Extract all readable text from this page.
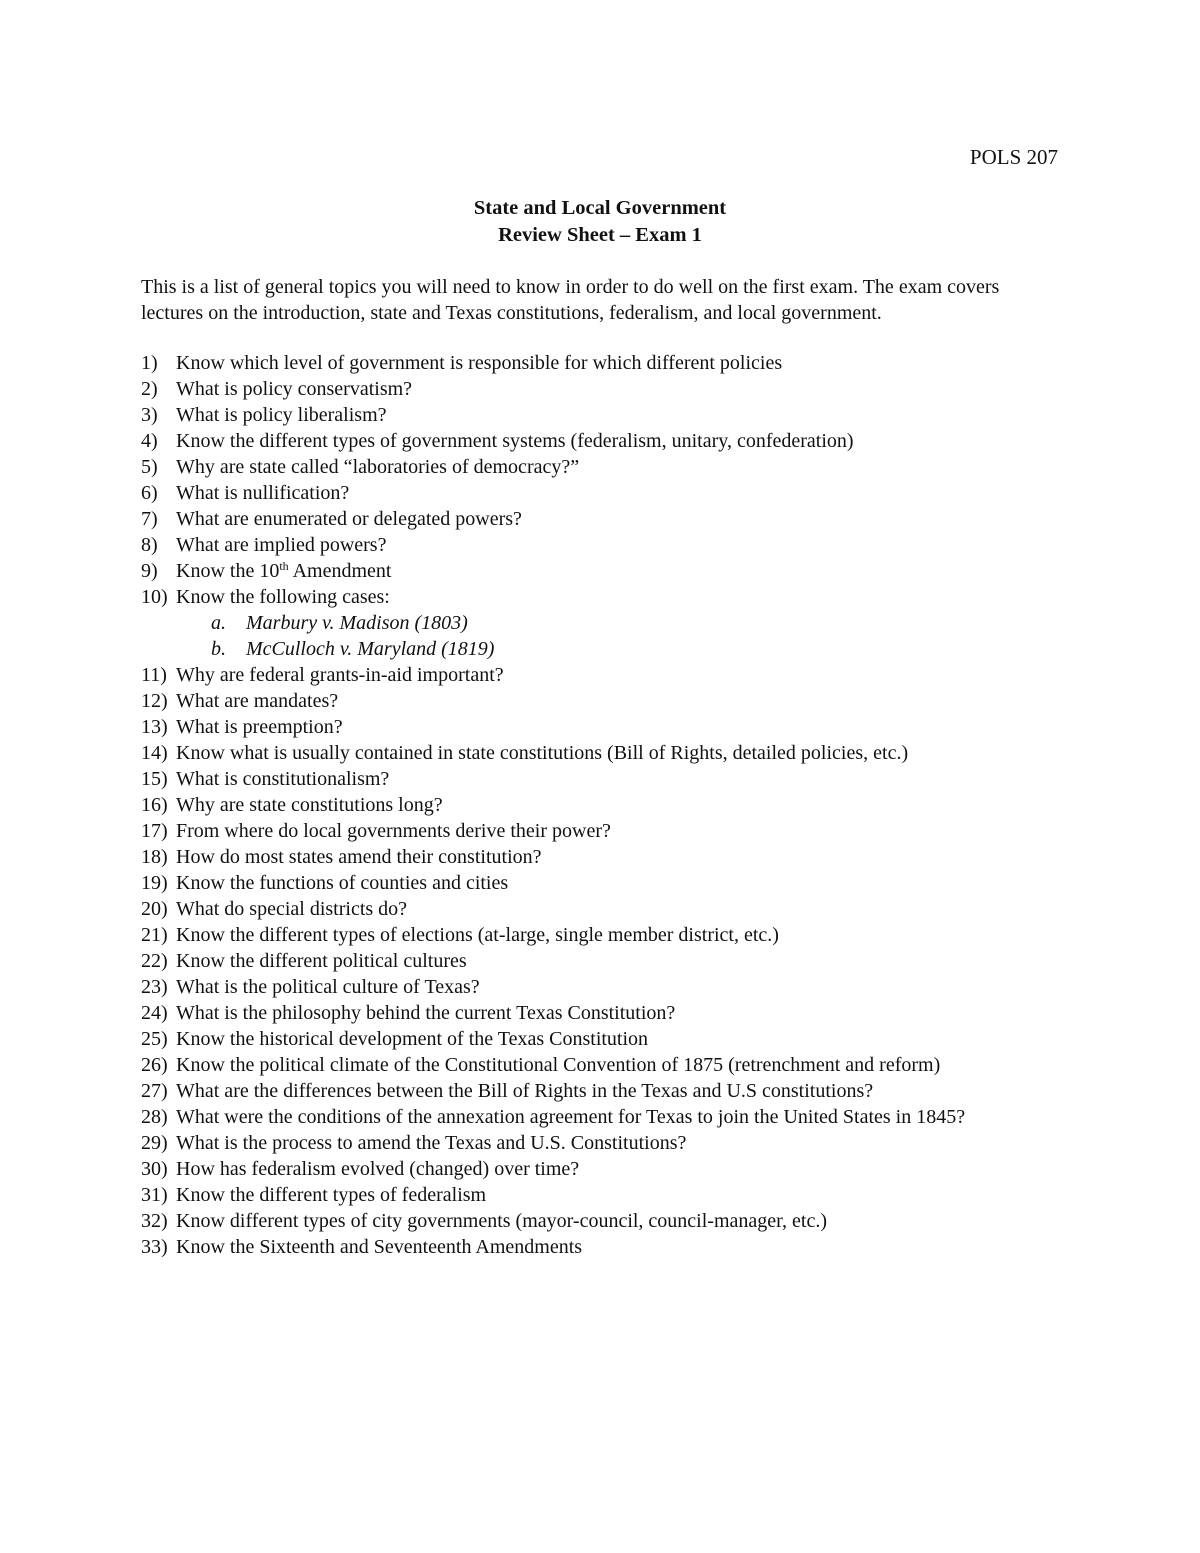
POLS 207
State and Local Government
Review Sheet – Exam 1
This is a list of general topics you will need to know in order to do well on the first exam. The exam covers lectures on the introduction, state and Texas constitutions, federalism, and local government.
1) Know which level of government is responsible for which different policies
2) What is policy conservatism?
3) What is policy liberalism?
4) Know the different types of government systems (federalism, unitary, confederation)
5) Why are state called “laboratories of democracy?”
6) What is nullification?
7) What are enumerated or delegated powers?
8) What are implied powers?
9) Know the 10th Amendment
10) Know the following cases:
a.	Marbury v. Madison (1803)
b.	McCulloch v. Maryland (1819)
11) Why are federal grants-in-aid important?
12) What are mandates?
13) What is preemption?
14) Know what is usually contained in state constitutions (Bill of Rights, detailed policies, etc.)
15) What is constitutionalism?
16) Why are state constitutions long?
17) From where do local governments derive their power?
18) How do most states amend their constitution?
19) Know the functions of counties and cities
20) What do special districts do?
21) Know the different types of elections (at-large, single member district, etc.)
22) Know the different political cultures
23) What is the political culture of Texas?
24) What is the philosophy behind the current Texas Constitution?
25) Know the historical development of the Texas Constitution
26) Know the political climate of the Constitutional Convention of 1875 (retrenchment and reform)
27) What are the differences between the Bill of Rights in the Texas and U.S constitutions?
28) What were the conditions of the annexation agreement for Texas to join the United States in 1845?
29) What is the process to amend the Texas and U.S. Constitutions?
30) How has federalism evolved (changed) over time?
31) Know the different types of federalism
32) Know different types of city governments (mayor-council, council-manager, etc.)
33) Know the Sixteenth and Seventeenth Amendments
